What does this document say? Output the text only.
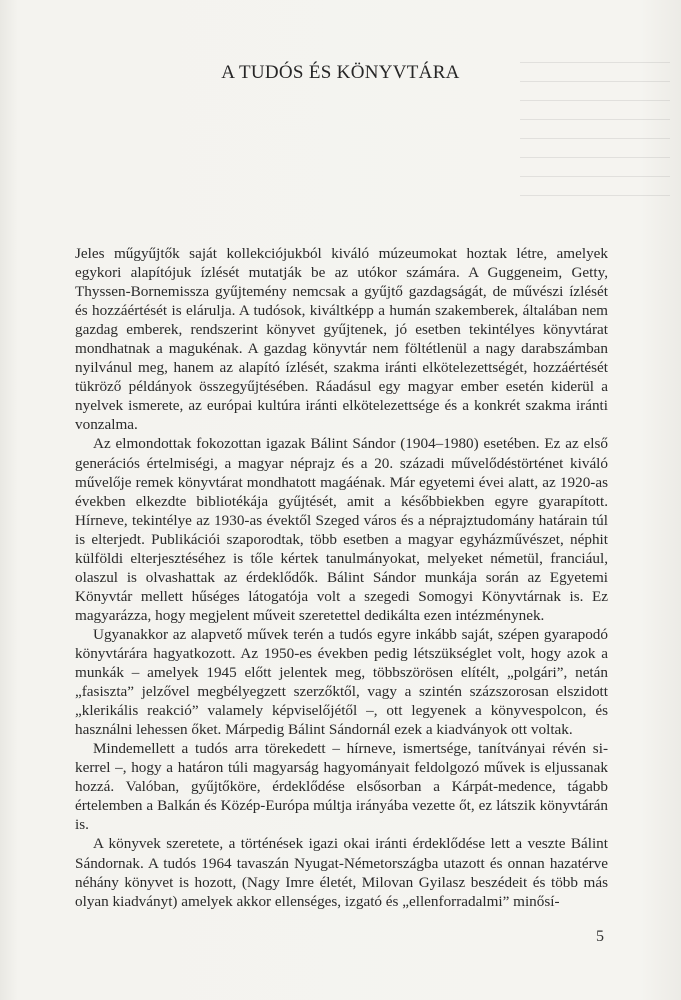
A TUDÓS ÉS KÖNYVTÁRA

Jeles műgyűjtők saját kollekciójukból kiváló múzeumokat hoztak létre, amelyek egykori alapítójuk ízlését mutatják be az utókor számára. A Guggeneim, Getty, Thyssen-Bornemissza gyűjtemény nemcsak a gyűjtő gazdagságát, de művészi ízlését és hozzáértését is elárulja. A tudósok, kiváltképp a humán szakemberek, általában nem gazdag emberek, rendszerint könyvet gyűjtenek, jó esetben tekintélyes könyvtárat mondhatnak a magukénak. A gazdag könyvtár nem föltétlenül a nagy darabszámban nyilvánul meg, hanem az alapító ízlését, szakma iránti elkötelezettségét, hozzáértését tükröző példányok összegyűjtésében. Ráadásul egy magyar ember esetén kiderül a nyelvek ismerete, az európai kultúra iránti elkötelezettsége és a konkrét szakma iránti vonzalma.

Az elmondottak fokozottan igazak Bálint Sándor (1904–1980) esetében. Ez az első generációs értelmiségi, a magyar néprajz és a 20. századi művelődéstörténet kiváló művelője remek könyvtárat mondhatott magáénak. Már egyetemi évei alatt, az 1920-as években elkezdte bibliotékája gyűjtését, amit a későbbiekben egyre gyarapított. Hírneve, tekintélye az 1930-as évektől Szeged város és a néprajztudomány határain túl is elterjedt. Publikációi szaporodtak, több esetben a magyar egyházművészet, néphit külföldi elterjesztéséhez is tőle kértek tanulmányokat, melyeket németül, franciául, olaszul is olvashattak az érdeklődők. Bálint Sándor munkája során az Egyetemi Könyvtár mellett hűséges látogatója volt a szegedi Somogyi Könyvtárnak is. Ez magyarázza, hogy megjelent műveit szeretettel dedikálta ezen intézménynek.

Ugyanakkor az alapvető művek terén a tudós egyre inkább saját, szépen gyarapodó könyvtárára hagyatkozott. Az 1950-es években pedig létszükséglet volt, hogy azok a munkák – amelyek 1945 előtt jelentek meg, többszörösen elítélt, „polgári”, netán „fasiszta” jelzővel megbélyegzett szerzőktől, vagy a szintén százszorosan elszidott „klerikális reakció” valamely képviselőjétől –, ott legyenek a könyvespolcon, és használni lehessen őket. Márpedig Bálint Sándornál ezek a kiadványok ott voltak.

Mindemellett a tudós arra törekedett – hírneve, ismertsége, tanítványai révén sikerrel –, hogy a határon túli magyarság hagyományait feldolgozó művek is eljussanak hozzá. Valóban, gyűjtőköre, érdeklődése elsősorban a Kárpát-medence, tágabb értelemben a Balkán és Közép-Európa múltja irányába vezette őt, ez látszik könyvtárán is.

A könyvek szeretete, a történések igazi okai iránti érdeklődése lett a veszte Bálint Sándornak. A tudós 1964 tavaszán Nyugat-Németországba utazott és onnan hazatérve néhány könyvet is hozott, (Nagy Imre életét, Milovan Gyilasz beszédeit és több más olyan kiadványt) amelyek akkor ellenséges, izgató és „ellenforradalmi” minősí-

5
